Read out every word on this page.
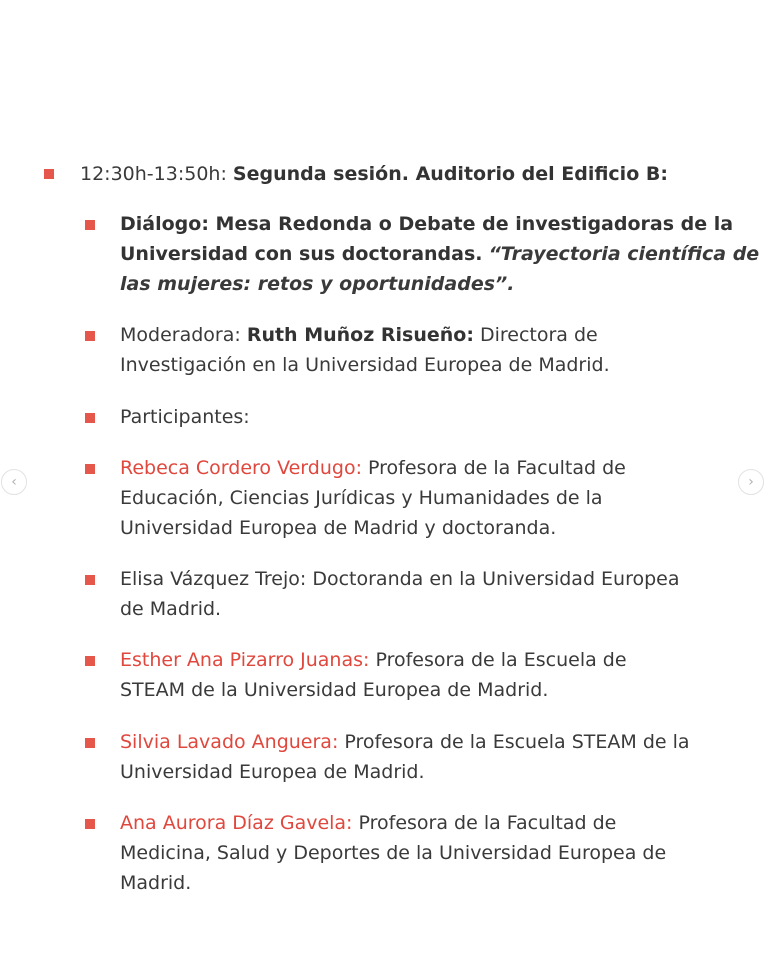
12:30h-13:50h: Segunda sesión. Auditorio del Edificio B:
Diálogo: Mesa Redonda o Debate de investigadoras de la
Universidad con sus doctorandas. “Trayectoria científica de
las mujeres: retos y oportunidades”.
Moderadora: Ruth Muñoz Risueño: Directora de
Investigación en la Universidad Europea de Madrid.
Participantes:
Rebeca Cordero Verdugo: Profesora de la Facultad de
Educación, Ciencias Jurídicas y Humanidades de la
Universidad Europea de Madrid y doctoranda.
Elisa Vázquez Trejo: Doctoranda en la Universidad Europea
de Madrid.
Esther Ana Pizarro Juanas: Profesora de la Escuela de
STEAM de la Universidad Europea de Madrid.
Silvia Lavado Anguera: Profesora de la Escuela STEAM de la
Universidad Europea de Madrid.
Ana Aurora Díaz Gavela: Profesora de la Facultad de
Medicina, Salud y Deportes de la Universidad Europea de
Madrid.
‹	›
